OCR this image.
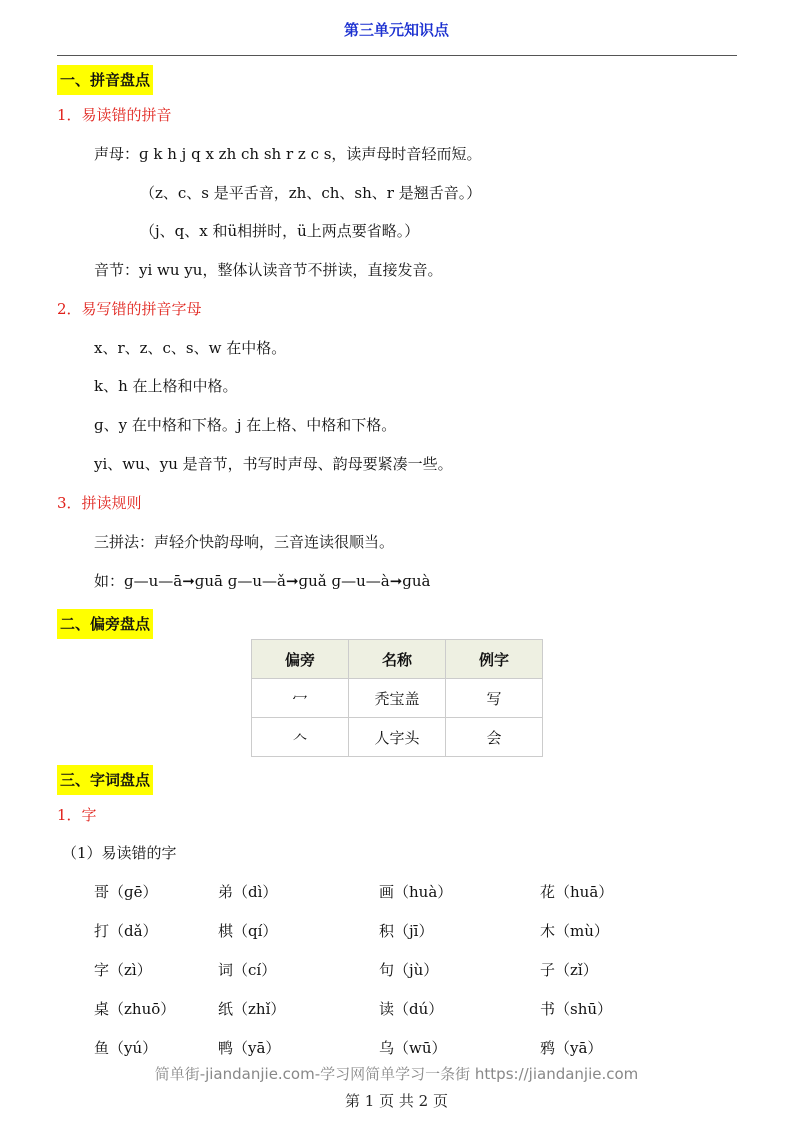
第三单元知识点
一、拼音盘点
1．易读错的拼音
声母：ɡ k h j q x zh ch sh r z c s，读声母时音轻而短。
（z、c、s 是平舌音，zh、ch、sh、r 是翘舌音。）
（j、q、x 和ü相拼时，ü上两点要省略。）
音节：yi wu yu，整体认读音节不拼读，直接发音。
2．易写错的拼音字母
x、r、z、c、s、w 在中格。
k、h 在上格和中格。
ɡ、y 在中格和下格。j 在上格、中格和下格。
yi、wu、yu 是音节，书写时声母、韵母要紧凑一些。
3．拼读规则
三拼法：声轻介快韵母响，三音连读很顺当。
如：ɡ—u—ā➞ɡuā ɡ—u—ǎ➞ɡuǎ ɡ—u—à➞ɡuà
二、偏旁盘点
偏旁	名称	例字
冖	秃宝盖	写
𠆢	人字头	会
三、字词盘点
1．字
（1）易读错的字
哥（ɡē）	弟（dì）	画（huà）	花（huā）
打（dǎ）	棋（qí）	积（jī）	木（mù）
字（zì）	词（cí）	句（jù）	子（zǐ）
桌（zhuō）	纸（zhǐ）	读（dú）	书（shū）
鱼（yú）	鸭（yā）	乌（wū）	鸦（yā）
简单街-jiandanjie.com-学习网简单学习一条街 https://jiandanjie.com
第 1 页 共 2 页
